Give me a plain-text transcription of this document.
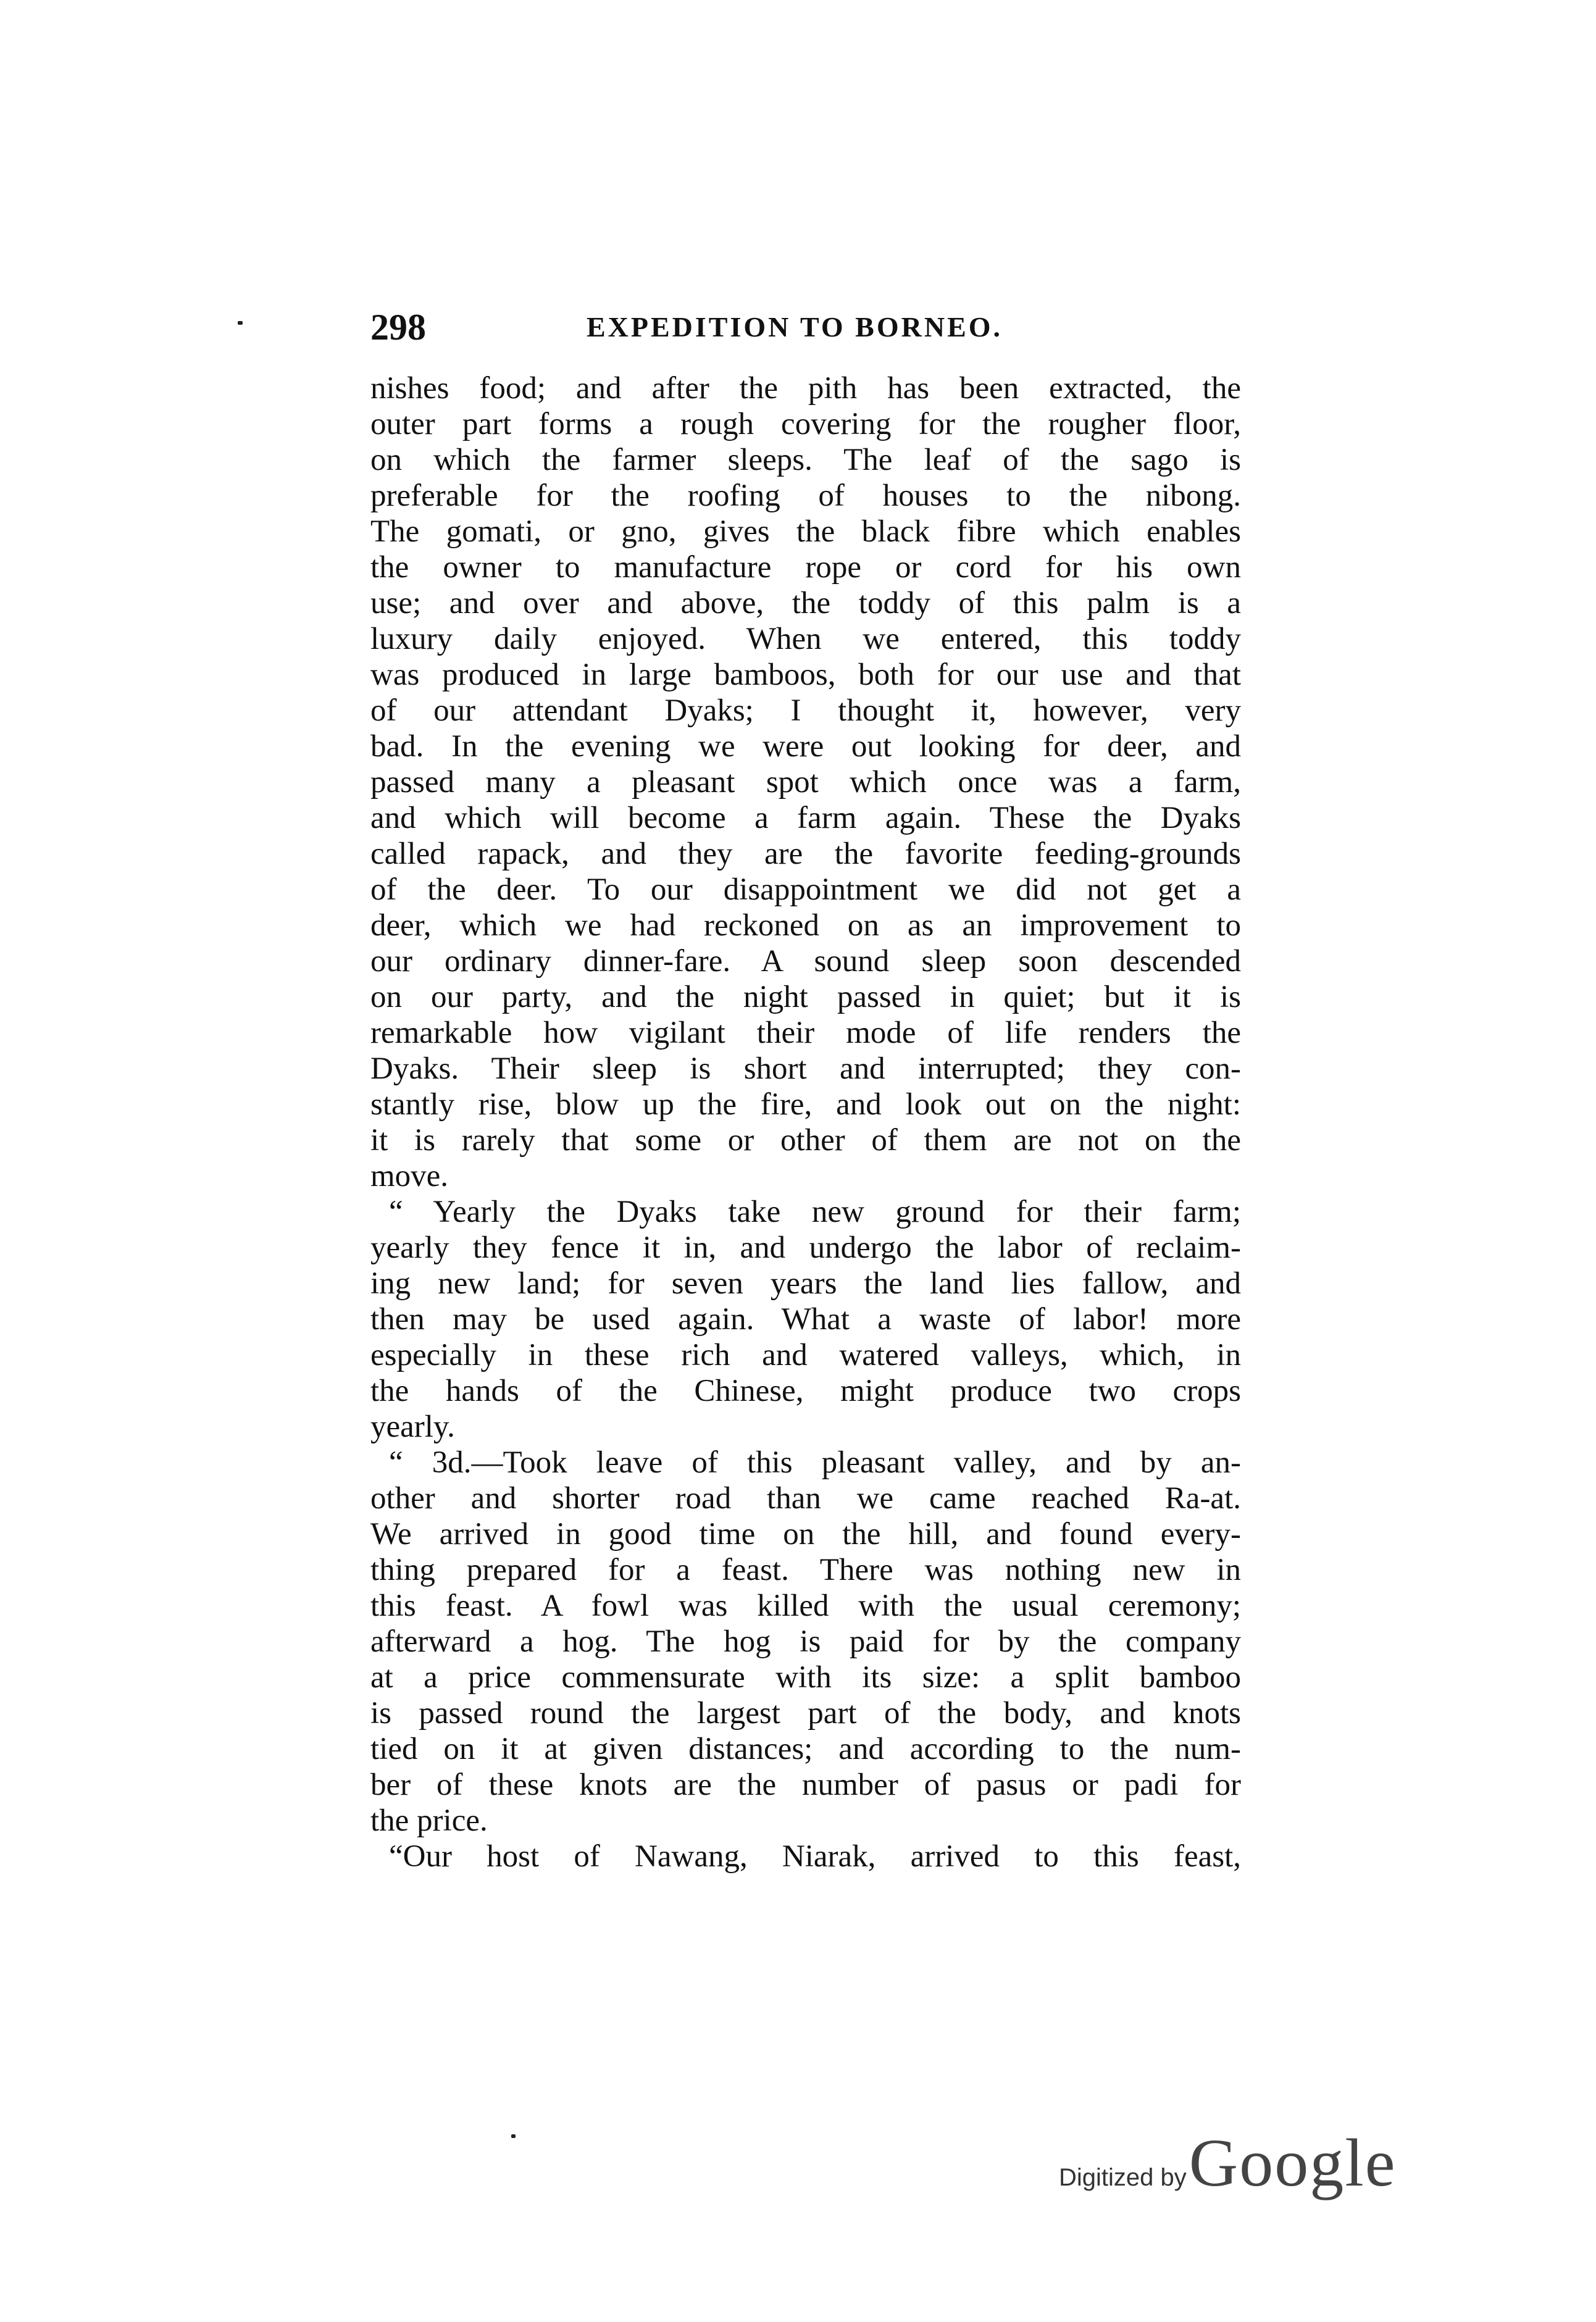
298	EXPEDITION TO BORNEO.
nishes food; and after the pith has been extracted, the
outer part forms a rough covering for the rougher floor,
on which the farmer sleeps. The leaf of the sago is
preferable for the roofing of houses to the nibong.
The gomati, or gno, gives the black fibre which enables
the owner to manufacture rope or cord for his own
use; and over and above, the toddy of this palm is a
luxury daily enjoyed. When we entered, this toddy
was produced in large bamboos, both for our use and that
of our attendant Dyaks; I thought it, however, very
bad. In the evening we were out looking for deer, and
passed many a pleasant spot which once was a farm,
and which will become a farm again. These the Dyaks
called rapack, and they are the favorite feeding-grounds
of the deer. To our disappointment we did not get a
deer, which we had reckoned on as an improvement to
our ordinary dinner-fare. A sound sleep soon descended
on our party, and the night passed in quiet; but it is
remarkable how vigilant their mode of life renders the
Dyaks. Their sleep is short and interrupted; they con-
stantly rise, blow up the fire, and look out on the night:
it is rarely that some or other of them are not on the
move.
“ Yearly the Dyaks take new ground for their farm;
yearly they fence it in, and undergo the labor of reclaim-
ing new land; for seven years the land lies fallow, and
then may be used again. What a waste of labor! more
especially in these rich and watered valleys, which, in
the hands of the Chinese, might produce two crops
yearly.
“ 3d.—Took leave of this pleasant valley, and by an-
other and shorter road than we came reached Ra-at.
We arrived in good time on the hill, and found every-
thing prepared for a feast. There was nothing new in
this feast. A fowl was killed with the usual ceremony;
afterward a hog. The hog is paid for by the company
at a price commensurate with its size: a split bamboo
is passed round the largest part of the body, and knots
tied on it at given distances; and according to the num-
ber of these knots are the number of pasus or padi for
the price.
“Our host of Nawang, Niarak, arrived to this feast,
Digitized by Google
